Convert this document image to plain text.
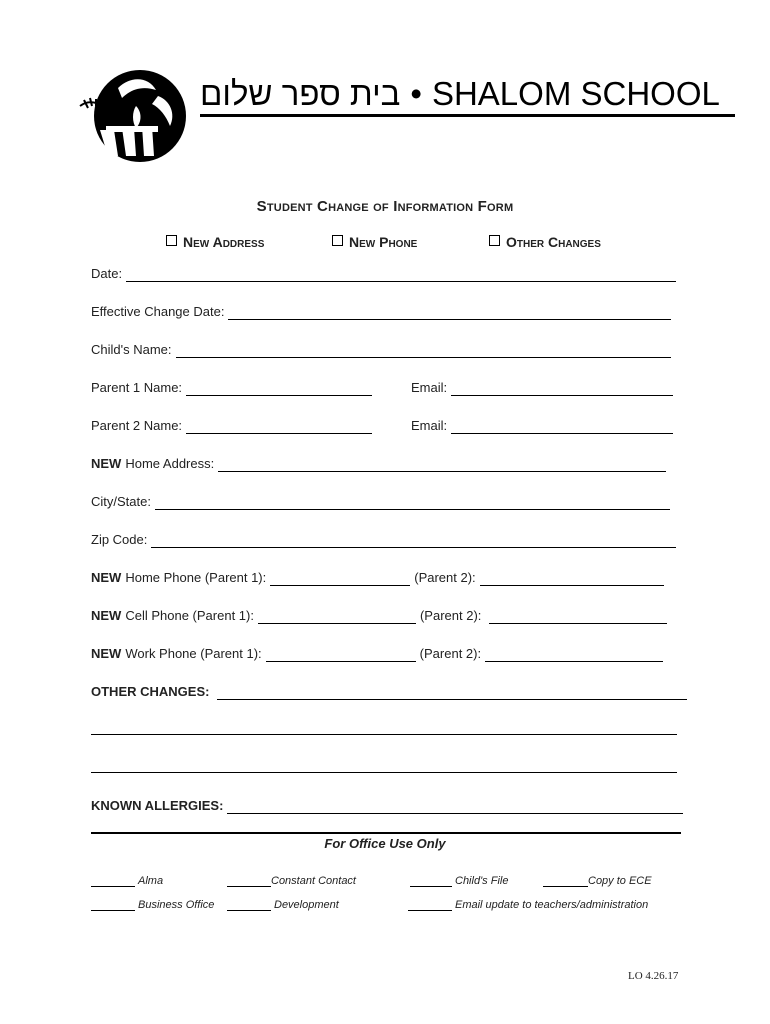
בית ספר שלום • SHALOM SCHOOL
Student Change of Information Form
New Address	New Phone	Other Changes
Date:
Effective Change Date:
Child's Name:
Parent 1 Name:	Email:
Parent 2 Name:	Email:
NEW Home Address:
City/State:
Zip Code:
NEW Home Phone (Parent 1):	(Parent 2):
NEW Cell Phone (Parent 1):	(Parent 2):
NEW Work Phone (Parent 1):	(Parent 2):
OTHER CHANGES:
KNOWN ALLERGIES:
For Office Use Only
Alma	Constant Contact	Child's File	Copy to ECE
Business Office	Development	Email update to teachers/administration
LO 4.26.17
